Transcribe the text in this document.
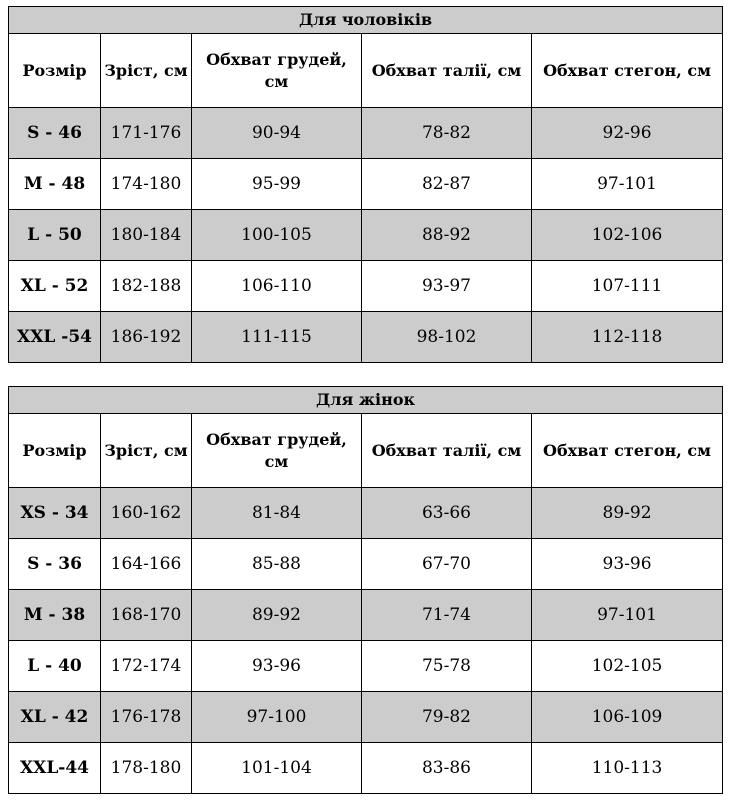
Для чоловіків				
Розмір	Зріст, см	Обхват грудей, см	Обхват талії, см	Обхват стегон, см
S - 46	171-176	90-94	78-82	92-96
M - 48	174-180	95-99	82-87	97-101
L - 50	180-184	100-105	88-92	102-106
XL - 52	182-188	106-110	93-97	107-111
XXL -54	186-192	111-115	98-102	112-118
Для жінок				
Розмір	Зріст, см	Обхват грудей, см	Обхват талії, см	Обхват стегон, см
XS - 34	160-162	81-84	63-66	89-92
S - 36	164-166	85-88	67-70	93-96
M - 38	168-170	89-92	71-74	97-101
L - 40	172-174	93-96	75-78	102-105
XL - 42	176-178	97-100	79-82	106-109
XXL-44	178-180	101-104	83-86	110-113
